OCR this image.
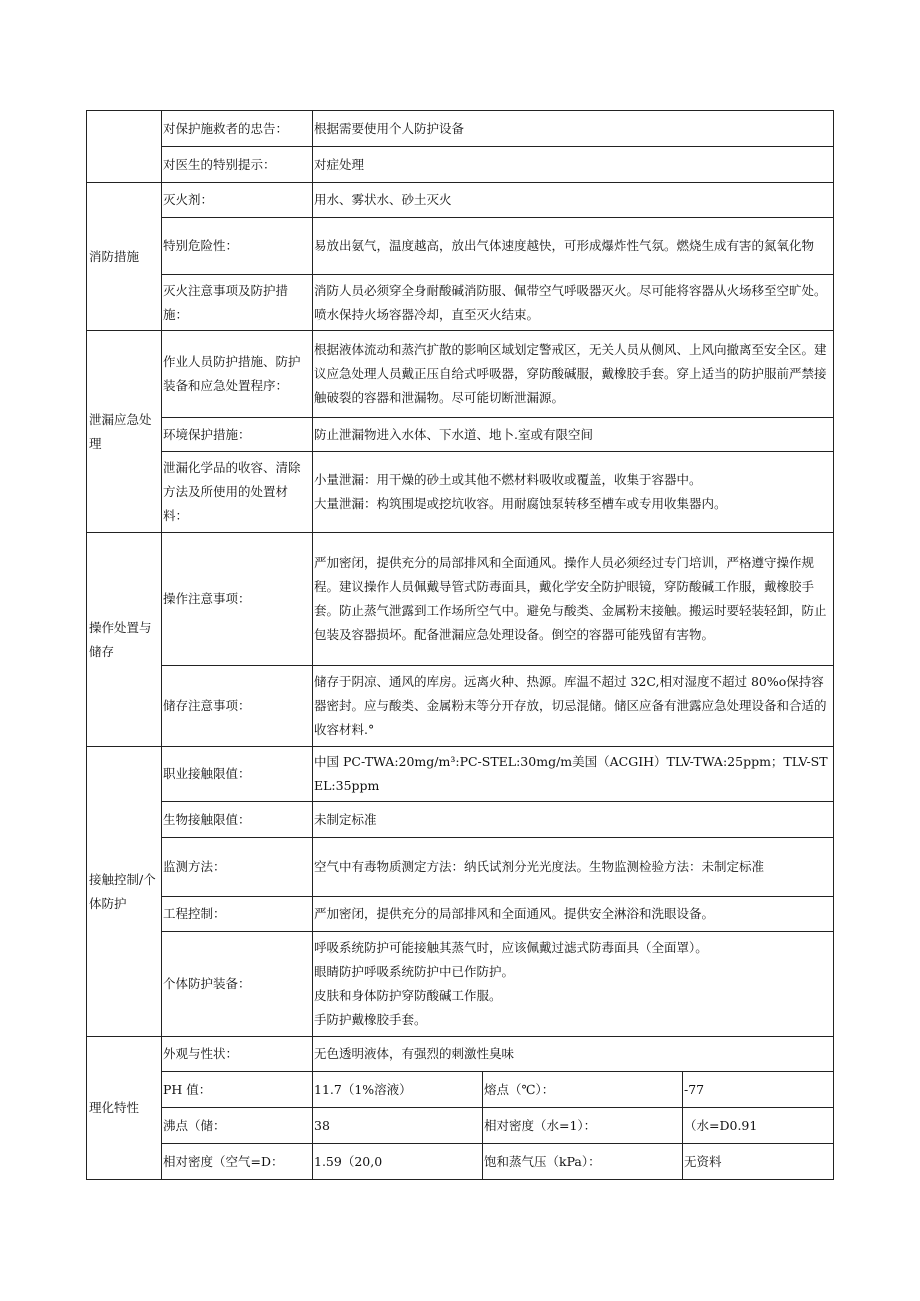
	对保护施救者的忠告：	根据需要使用个人防护设备		
	对医生的特别提示：	对症处理		
消防措施	灭火剂：	用水、雾状水、砂土灭火		
	特别危险性：	易放出氨气，温度越高，放出气体速度越快，可形成爆炸性气氛。燃烧生成有害的氮氧化物		
	灭火注意事项及防护措施：	消防人员必须穿全身耐酸碱消防服、佩带空气呼吸器灭火。尽可能将容器从火场移至空旷处。喷水保持火场容器冷却，直至灭火结束。		
泄漏应急处理	作业人员防护措施、防护装备和应急处置程序：	根据液体流动和蒸汽扩散的影响区域划定警戒区，无关人员从侧风、上风向撤离至安全区。建议应急处理人员戴正压自给式呼吸器，穿防酸碱服，戴橡胶手套。穿上适当的防护服前严禁接触破裂的容器和泄漏物。尽可能切断泄漏源。		
	环境保护措施：	防止泄漏物进入水体、下水道、地卜.室或有限空间		
	泄漏化学品的收容、清除方法及所使用的处置材料：	小量泄漏：用干燥的砂土或其他不燃材料吸收或覆盖，收集于容器中。
大量泄漏：构筑围堤或挖坑收容。用耐腐蚀泵转移至槽车或专用收集器内。		

操作处置与储存	操作注意事项：	严加密闭，提供充分的局部排风和全面通风。操作人员必须经过专门培训，严格遵守操作规程。建议操作人员佩戴导管式防毒面具，戴化学安全防护眼镜，穿防酸碱工作服，戴橡胶手套。防止蒸气泄露到工作场所空气中。避免与酸类、金属粉末接触。搬运时要轻装轻卸，防止包装及容器损坏。配备泄漏应急处理设备。倒空的容器可能残留有害物。		
	储存注意事项：	储存于阴凉、通风的库房。远离火种、热源。库温不超过 32C,相对湿度不超过 80%o保持容器密封。应与酸类、金属粉末等分开存放，切忌混储。储区应备有泄露应急处理设备和合适的收容材料.°		
接触控制/个体防护	职业接触限值：	中国 PC-TWA:20mg/m³:PC-STEL:30mg/m美国（ACGIH）TLV-TWA:25ppm；TLV-STEL:35ppm		
	生物接触限值：	未制定标准		
	监测方法：	空气中有毒物质测定方法：纳氏试剂分光光度法。生物监测检验方法：未制定标准		
	工程控制：	严加密闭，提供充分的局部排风和全面通风。提供安全淋浴和洗眼设备。		
	个体防护装备：	呼吸系统防护可能接触其蒸气时，应该佩戴过滤式防毒面具（全面罩）。
眼睛防护呼吸系统防护中已作防护。
皮肤和身体防护穿防酸碱工作服。
手防护戴橡胶手套。		

理化特性	外观与性状：	无色透明液体，有强烈的刺激性臭味		
	PH 值：	11.7（1%溶液）	熔点（℃）：	-77
	沸点（储：	38	相对密度（水=1）：	（水=D0.91
	相对密度（空气=D：	1.59（20,0	饱和蒸气压（kPa）：	无资料
